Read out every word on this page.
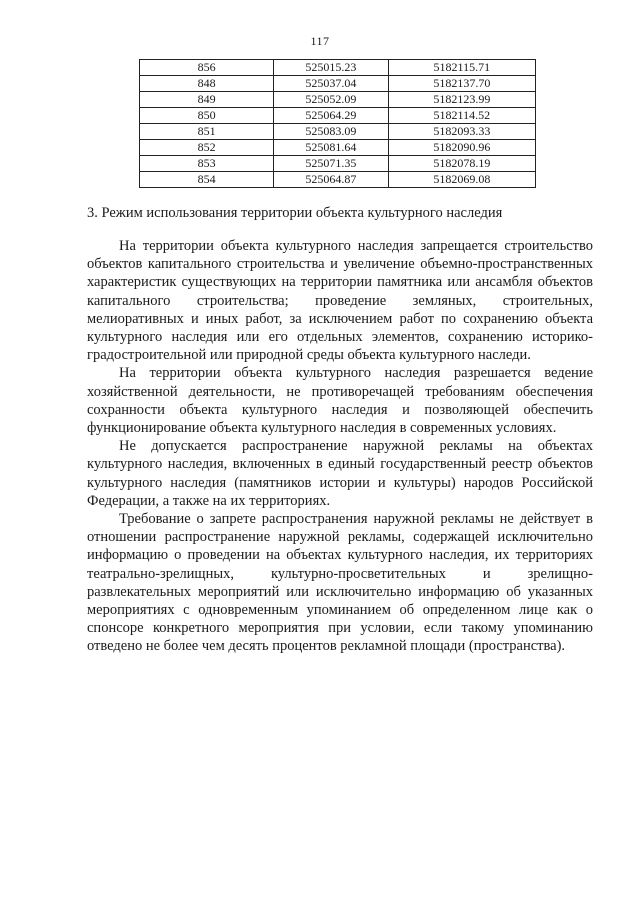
117
856	525015.23	5182115.71
848	525037.04	5182137.70
849	525052.09	5182123.99
850	525064.29	5182114.52
851	525083.09	5182093.33
852	525081.64	5182090.96
853	525071.35	5182078.19
854	525064.87	5182069.08
3. Режим использования территории объекта культурного наследия

На территории объекта культурного наследия запрещается строительство объектов капитального строительства и увеличение объемно-пространственных характеристик существующих на территории памятника или ансамбля объектов капитального строительства; проведение земляных, строительных, мелиоративных и иных работ, за исключением работ по сохранению объекта культурного наследия или его отдельных элементов, сохранению историко-градостроительной или природной среды объекта культурного наследи.

На территории объекта культурного наследия разрешается ведение хозяйственной деятельности, не противоречащей требованиям обеспечения сохранности объекта культурного наследия и позволяющей обеспечить функционирование объекта культурного наследия в современных условиях.

Не допускается распространение наружной рекламы на объектах культурного наследия, включенных в единый государственный реестр объектов культурного наследия (памятников истории и культуры) народов Российской Федерации, а также на их территориях.

Требование о запрете распространения наружной рекламы не действует в отношении распространение наружной рекламы, содержащей исключительно информацию о проведении на объектах культурного наследия, их территориях театрально-зрелищных, культурно-просветительных и зрелищно-развлекательных мероприятий или исключительно информацию об указанных мероприятиях с одновременным упоминанием об определенном лице как о спонсоре конкретного мероприятия при условии, если такому упоминанию отведено не более чем десять процентов рекламной площади (пространства).
